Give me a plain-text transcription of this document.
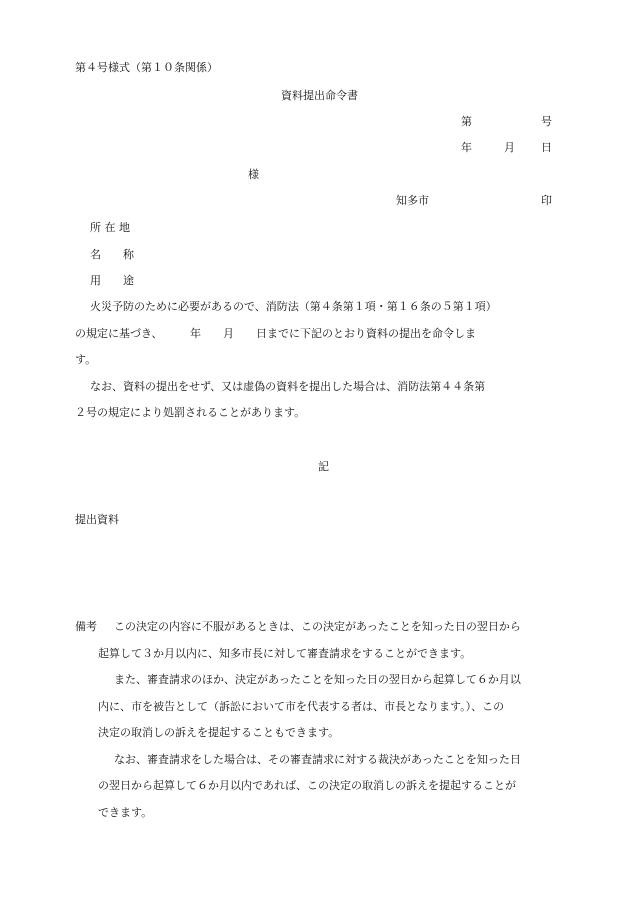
第４号様式（第１０条関係）
資料提出命令書
第	号
年	月 日
様
知多市	印
所 在 地
名　　称
用　　途
火災予防のために必要があるので、消防法（第４条第１項・第１６条の５第１項）
の規定に基づき、　　　年　　月　　日までに下記のとおり資料の提出を命令しま
す。
なお、資料の提出をせず、又は虚偽の資料を提出した場合は、消防法第４４条第
２号の規定により処罰されることがあります。
記
提出資料
備考 この決定の内容に不服があるときは、この決定があったことを知った日の翌日から
起算して３か月以内に、知多市長に対して審査請求をすることができます。
また、審査請求のほか、決定があったことを知った日の翌日から起算して６か月以
内に、市を被告として（訴訟において市を代表する者は、市長となります。）、この
決定の取消しの訴えを提起することもできます。
なお、審査請求をした場合は、その審査請求に対する裁決があったことを知った日
の翌日から起算して６か月以内であれば、この決定の取消しの訴えを提起することが
できます。
